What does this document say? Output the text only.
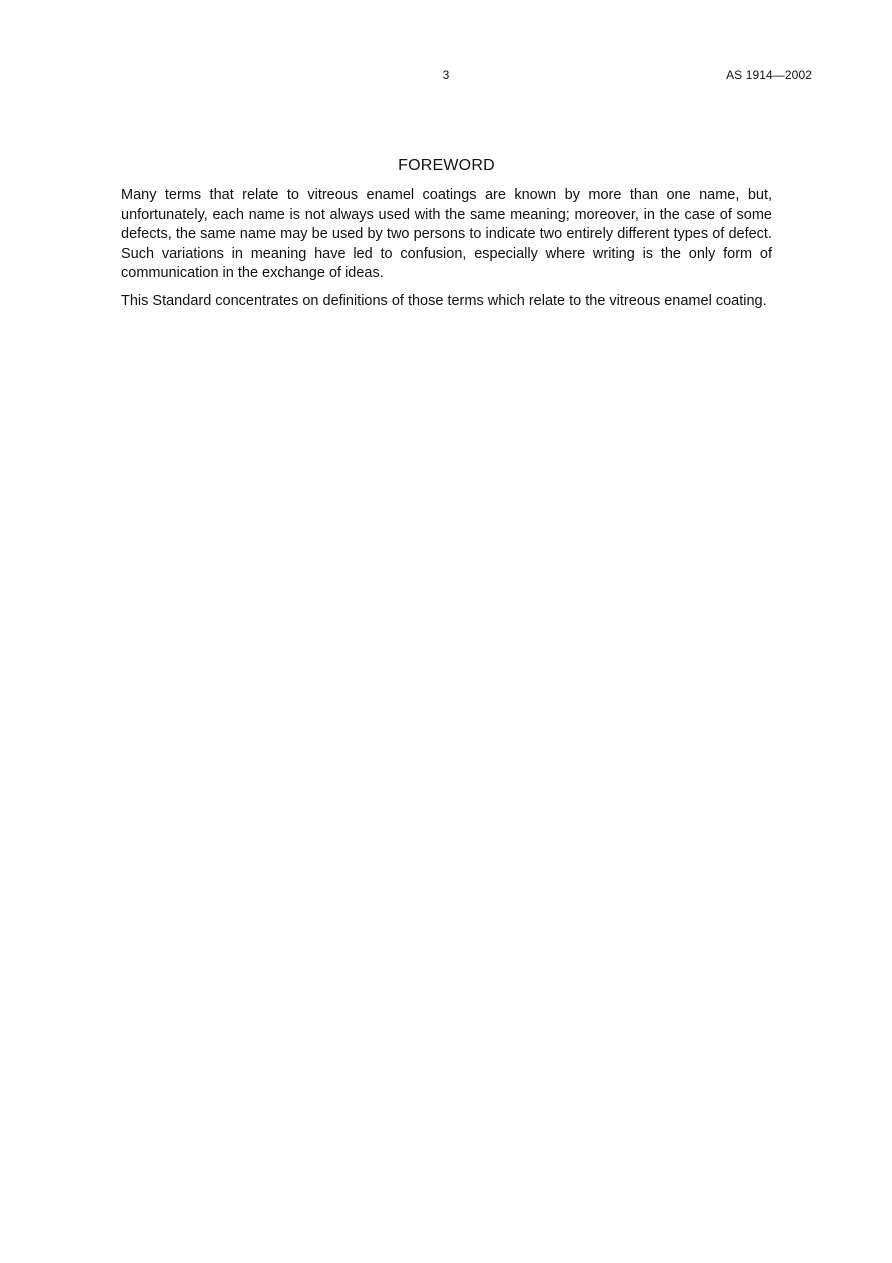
3	AS 1914—2002
FOREWORD

Many terms that relate to vitreous enamel coatings are known by more than one name, but, unfortunately, each name is not always used with the same meaning; moreover, in the case of some defects, the same name may be used by two persons to indicate two entirely different types of defect. Such variations in meaning have led to confusion, especially where writing is the only form of communication in the exchange of ideas.

This Standard concentrates on definitions of those terms which relate to the vitreous enamel coating.
